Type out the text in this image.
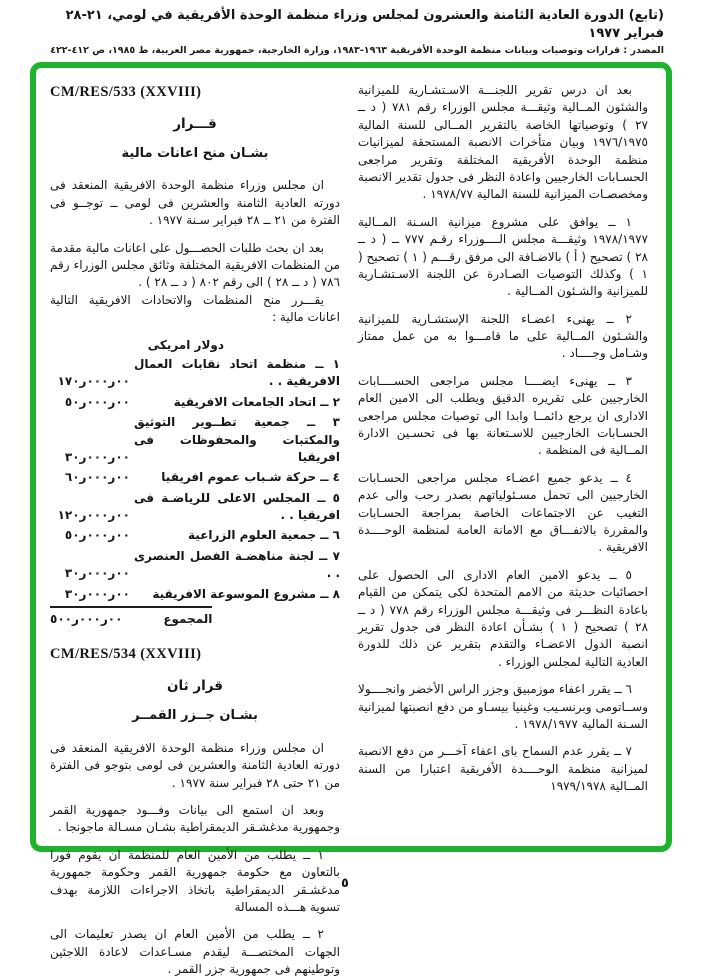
(تابع) الدورة العادية الثامنة والعشرون لمجلس وزراء منظمة الوحدة الأفريقية في لومي، ٢١-٢٨ فبراير ١٩٧٧
المصدر : قرارات وتوصيات وبيانات منظمة الوحدة الأفريقية ١٩٦٣-١٩٨٣، وزارة الخارجية، جمهورية مصر العربية، ط ١٩٨٥، ص ٤١٢-٤٢٢

بعد ان درس تقرير اللجنـــة الاسـتشـارية للميزانية والشئون المــالية وثيقـــة مجلس الوزراء رقم ٧٨١ ( د ــ ٢٧ ) وتوصياتها الخاصة بالتقرير المــالى للسنة المالية ١٩٧٦/١٩٧٥ وبيان متأخرات الانصبة المستحقة لميزانيات منظمة الوحدة الأفريقية المختلفة وتقرير مراجعى الحسـابات الخارجيين واعادة النظر فى جدول تقدير الانصبة ومخصصـات الميزانية للسنة المالية ١٩٧٨/٧٧ .

١ ــ يوافق على مشروع ميزانية السـنة المــالية ١٩٧٨/١٩٧٧ وثيقـــة مجلس الــــوزراء رقـم ٧٧٧ ــ ( د ــ ٢٨ ) تصحيح ( أ ) بالاضـافة الى مرفق رقـــم ( ١ ) تصحيح ( ١ ) وكذلك التوصيات الصـادرة عن اللجنة الاسـتشـارية للميزانية والشـئون المــالية .

٢ ــ يهنىء اعضـاء اللجنة الإستشـارية للميزانية والشـئون المــالية على ما قامـــوا به من عمل ممتاز وشـامل وجــــاد .

٣ ــ يهنىء ايضــــا مجلس مراجعى الحســــابات الخارجيين على تقريره الدقيق ويطلب الى الامين العام الادارى ان يرجع دائمــا وابدا الى توصيات مجلس مراجعى الحسـابات الخارجيين للاسـتعانة بها فى تحسـين الادارة المــالية فى المنظمة .

٤ ــ يدعو جميع اعضـاء مجلس مراجعى الحسـابات الخارجيين الى تحمل مسـئولياتهم بصدر رحب والى عدم التغيب عن الاجتماعات الخاصة بمراجعة الحسـابات والمقررة بالاتفـــاق مع الامانة العامة لمنظمة الوحــــدة الافريقية .

٥ ــ يدعو الامين العام الادارى الى الحصول على احصائيات حديثة من الامم المتحدة لكى يتمكن من القيام باعادة النظـــر فى وثيقـــة مجلس الوزراء رقم ٧٧٨ ( د ــ ٢٨ ) تصحيح ( ١ ) بشـأن اعادة النظر فى جدول تقرير انصبة الدول الاعضـاء والتقدم بتقرير عن ذلك للدورة العادية التالية لمجلس الوزراء .

٦ ــ يقرر اعفاء موزمبيق وجزر الراس الأخضر وانجــــولا وســاتومى وبرنسـيب وغينيا بيسـاو من دفع انصبتها لميزانية السـنة المالية ١٩٧٨/١٩٧٧ .

٧ ــ يقرر عدم السماح باى اعفاء آخـــر من دفع الانصبة لميزانية منظمة الوحــــدة الأفريقية اعتبارا من السنة المــالية ١٩٧٩/١٩٧٨

CM/RES/533 (XXVIII)

قـــرار

بشـان منح اعانات مالية

ان مجلس وزراء منظمة الوحدة الافريقية المنعقد فى دورته العادية الثامنة والعشرين فى لومى ــ توجــو فى الفترة من ٢١ ــ ٢٨ فبراير سـنة ١٩٧٧ .

بعد ان بحث طلبات الحصـــول على اعانات مالية مقدمة من المنظمات الافريقية المختلفة وثائق مجلس الوزراء رقم ٧٨٦ ( د ــ ٢٨ ) الى رقم ٨٠٢ ( د ــ ٢٨ ) .

يقـــرر منح المنظمات والاتحادات الافريقية التالية اعانات مالية :

دولار امريكى
١ ــ منظمة اتحاد نقابات العمال الافريقية . .
١٧٠ر٠٠٠ر٠٠
٢ ــ اتحاد الجامعات الافريقية
٥٠ر٠٠٠ر٠٠
٣ ــ جمعية تطــوير التوثيق والمكتبات والمحفوظات فى افريقيا
٣٠ر٠٠٠ر٠٠
٤ ــ حركة شـباب عموم افريقيا
٦٠ر٠٠٠ر٠٠
٥ ــ المجلس الاعلى للرياضـة فى افريقيا . .
١٢٠ر٠٠٠ر٠٠
٦ ــ جمعية العلوم الزراعية
٥٠ر٠٠٠ر٠٠
٧ ــ لجنة مناهضـة الفصل العنصرى . .
٣٠ر٠٠٠ر٠٠
٨ ــ مشروع الموسوعة الافريقية
٣٠ر٠٠٠ر٠٠
المجموع
٥٠٠ر٠٠٠ر٠٠
CM/RES/534 (XXVIII)

قرار ثان

بشـان جــزر القمــر

ان مجلس وزراء منظمة الوحدة الافريقية المنعقد فى دورته العادية الثامنة والعشرين فى لومى بتوجو فى الفترة من ٢١ حتى ٢٨ فبراير سنة ١٩٧٧ .

وبعد ان استمع الى بيانات وفـــود جمهورية القمر وجمهورية مدغشـقر الديمقراطية بشـان مسـالة ماجونجا .

١ ــ يطلب من الأمين العام للمنظمة ان يقوم فورا بالتعاون مع حكومة جمهورية القمر وحكومة جمهورية مدغشـقر الديمقراطية باتخاذ الاجراءات اللازمة بهدف تسوية هـــذه المسالة

٢ ــ يطلب من الأمين العام ان يصدر تعليمات الى الجهات المختصـــة ليقدم مسـاعدات لاعادة اللاجئين وتوطينهم فى جمهورية جزر القمر .

٥
